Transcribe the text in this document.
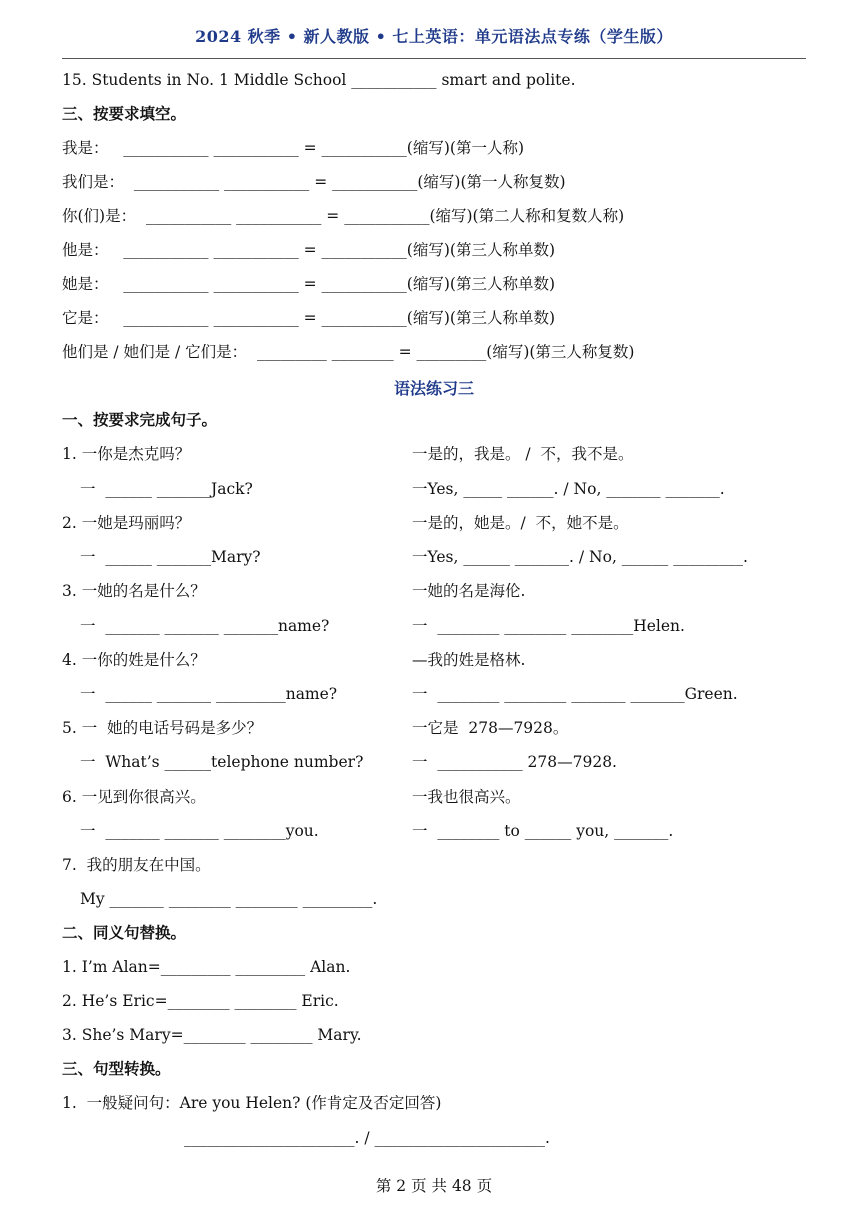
2024 秋季 • 新人教版 • 七上英语：单元语法点专练（学生版）
15. Students in No. 1 Middle School ___________ smart and polite.
三、按要求填空。
我是：   ___________ ___________ = ___________(缩写)(第一人称)
我们是：  ___________ ___________ = ___________(缩写)(第一人称复数)
你(们)是：  ___________ ___________ = ___________(缩写)(第二人称和复数人称)
他是：   ___________ ___________ = ___________(缩写)(第三人称单数)
她是：   ___________ ___________ = ___________(缩写)(第三人称单数)
它是：   ___________ ___________ = ___________(缩写)(第三人称单数)
他们是 / 她们是 / 它们是：  _________ ________ = _________(缩写)(第三人称复数)
语法练习三
一、按要求完成句子。
1. 一你是杰克吗？	一是的，我是。 /  不，我不是。
一  ______ _______Jack?	一Yes, _____ ______. / No, _______ _______.
2. 一她是玛丽吗？	一是的，她是。/  不，她不是。
一  ______ _______Mary?	一Yes, ______ _______. / No, ______ _________.
3. 一她的名是什么？	一她的名是海伦.
一  _______ _______ _______name?	一  ________ ________ ________Helen.
4. 一你的姓是什么？	—我的姓是格林.
一  ______ _______ _________name?	一  ________ ________ _______ _______Green.
5. 一  她的电话号码是多少？	一它是  278—7928。
一  What’s ______telephone number?	一  ___________ 278—7928.
6. 一见到你很高兴。	一我也很高兴。
一  _______ _______ ________you.	一  ________ to ______ you, _______.
7.  我的朋友在中国。
My _______ ________ ________ _________.
二、同义句替换。
1. I’m Alan=_________ _________ Alan.
2. He’s Eric=________ ________ Eric.
3. She’s Mary=________ ________ Mary.
三、句型转换。
1.  一般疑问句：Are you Helen? (作肯定及否定回答)
______________________. / ______________________.
第 2 页 共 48 页
